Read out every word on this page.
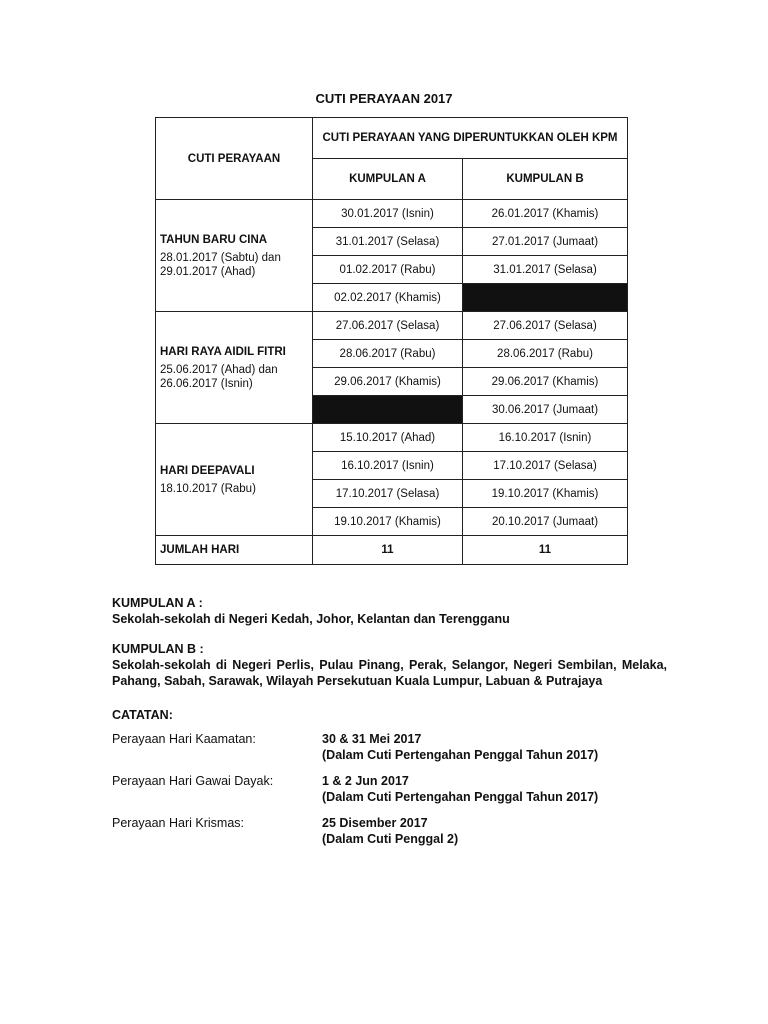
CUTI PERAYAAN 2017
CUTI PERAYAAN	CUTI PERAYAAN YANG DIPERUNTUKKAN OLEH KPM	
	KUMPULAN A	KUMPULAN B

TAHUN BARU CINA
28.01.2017 (Sabtu) dan 29.01.2017 (Ahad)	30.01.2017 (Isnin)	26.01.2017 (Khamis)
	31.01.2017 (Selasa)	27.01.2017 (Jumaat)
	01.02.2017 (Rabu)	31.01.2017 (Selasa)
	02.02.2017 (Khamis)	

HARI RAYA AIDIL FITRI
25.06.2017 (Ahad) dan 26.06.2017 (Isnin)	27.06.2017 (Selasa)	27.06.2017 (Selasa)
	28.06.2017 (Rabu)	28.06.2017 (Rabu)
	29.06.2017 (Khamis)	29.06.2017 (Khamis)
		30.06.2017 (Jumaat)

HARI DEEPAVALI
18.10.2017 (Rabu)	15.10.2017 (Ahad)	16.10.2017 (Isnin)
	16.10.2017 (Isnin)	17.10.2017 (Selasa)
	17.10.2017 (Selasa)	19.10.2017 (Khamis)
	19.10.2017 (Khamis)	20.10.2017 (Jumaat)
JUMLAH HARI	11	11

KUMPULAN A :

Sekolah-sekolah di Negeri Kedah, Johor, Kelantan dan Terengganu

KUMPULAN B :

Sekolah-sekolah di Negeri Perlis, Pulau Pinang, Perak, Selangor, Negeri Sembilan, Melaka, Pahang, Sabah, Sarawak, Wilayah Persekutuan Kuala Lumpur, Labuan & Putrajaya

CATATAN:

Perayaan Hari Kaamatan:	30 & 31 Mei 2017
(Dalam Cuti Pertengahan Penggal Tahun 2017)
Perayaan Hari Gawai Dayak:	1 & 2 Jun 2017
(Dalam Cuti Pertengahan Penggal Tahun 2017)
Perayaan Hari Krismas:	25 Disember 2017
(Dalam Cuti Penggal 2)
